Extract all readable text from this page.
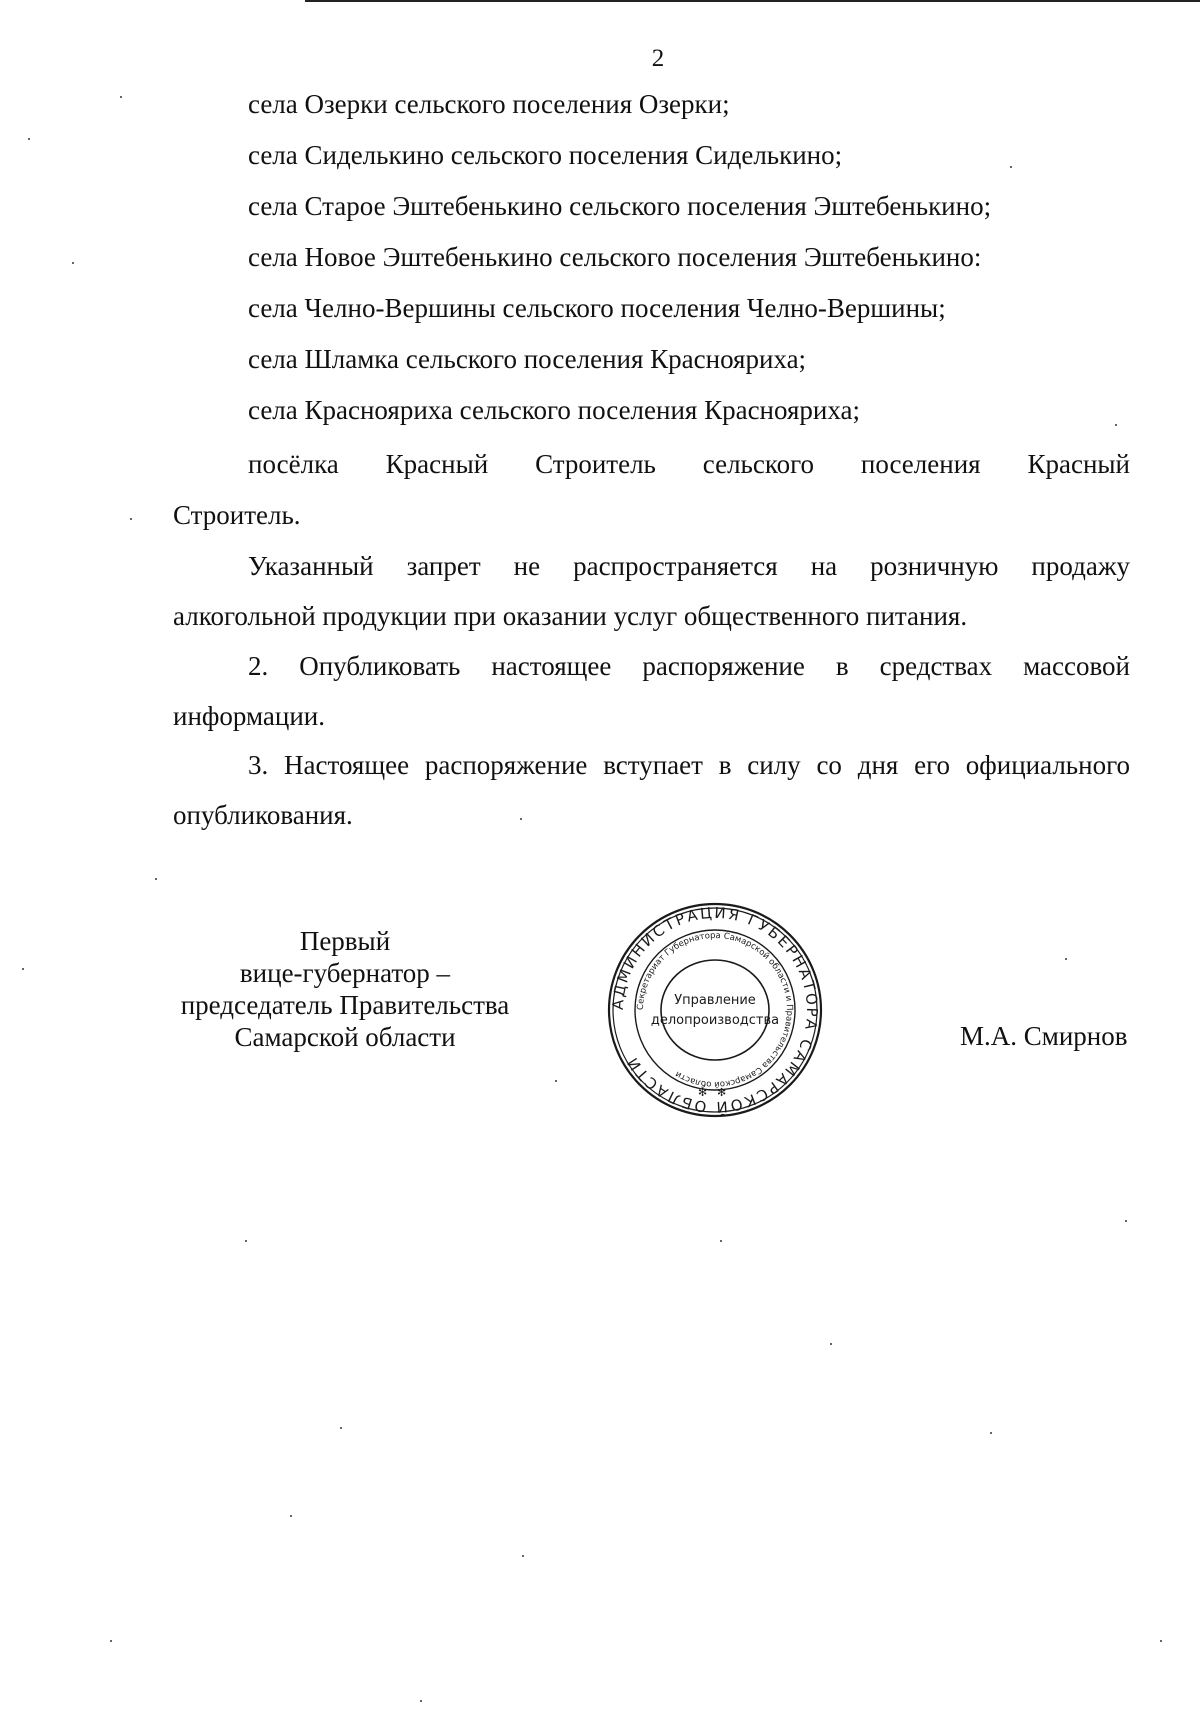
2
села Озерки сельского поселения Озерки;
села Сиделькино сельского поселения Сиделькино;
села Старое Эштебенькино сельского поселения Эштебенькино;
села Новое Эштебенькино сельского поселения Эштебенькино:
села Челно-Вершины сельского поселения Челно-Вершины;
села Шламка сельского поселения Краснояриха;
села Краснояриха сельского поселения Краснояриха;
посёлка Красный Строитель сельского поселения Красный
Строитель.
Указанный запрет не распространяется на розничную продажу
алкогольной продукции при оказании услуг общественного питания.
2. Опубликовать настоящее распоряжение в средствах массовой
информации.
3. Настоящее распоряжение вступает в силу со дня его официального
опубликования.
Первый
вице-губернатор –
председатель Правительства
Самарской области
АДМИНИСТРАЦИЯ ГУБЕРНАТОРА САМАРСКОЙ ОБЛАСТИ
Секретариат Губернатора Самарской области и Правительства Самарской области
Управление
делопроизводства
✻ ✻
М.А. Смирнов
